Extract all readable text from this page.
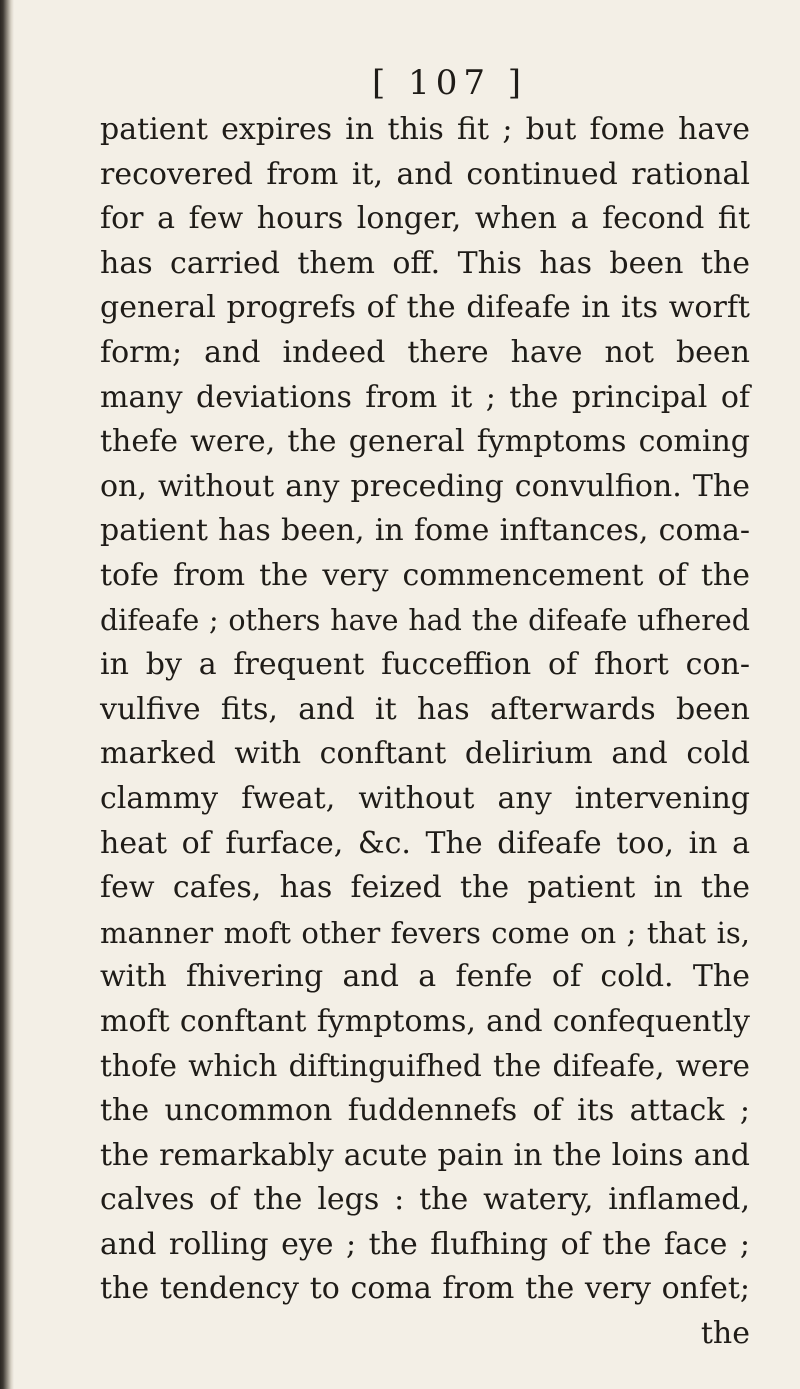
[ 107 ]
patient expires in this fit ; but fome have
recovered from it, and continued rational
for a few hours longer, when a fecond fit
has carried them off. This has been the
general progrefs of the difeafe in its worft
form; and indeed there have not been
many deviations from it ; the principal of
thefe were, the general fymptoms coming
on, without any preceding convulfion. The
patient has been, in fome inftances, coma-
tofe from the very commencement of the
difeafe ; others have had the difeafe ufhered
in by a frequent fucceffion of fhort con-
vulfive fits, and it has afterwards been
marked with conftant delirium and cold
clammy fweat, without any intervening
heat of furface, &c. The difeafe too, in a
few cafes, has feized the patient in the
manner moft other fevers come on ; that is,
with fhivering and a fenfe of cold. The
moft conftant fymptoms, and confequently
thofe which diftinguifhed the difeafe, were
the uncommon fuddennefs of its attack ;
the remarkably acute pain in the loins and
calves of the legs : the watery, inflamed,
and rolling eye ; the flufhing of the face ;
the tendency to coma from the very onfet;
the
